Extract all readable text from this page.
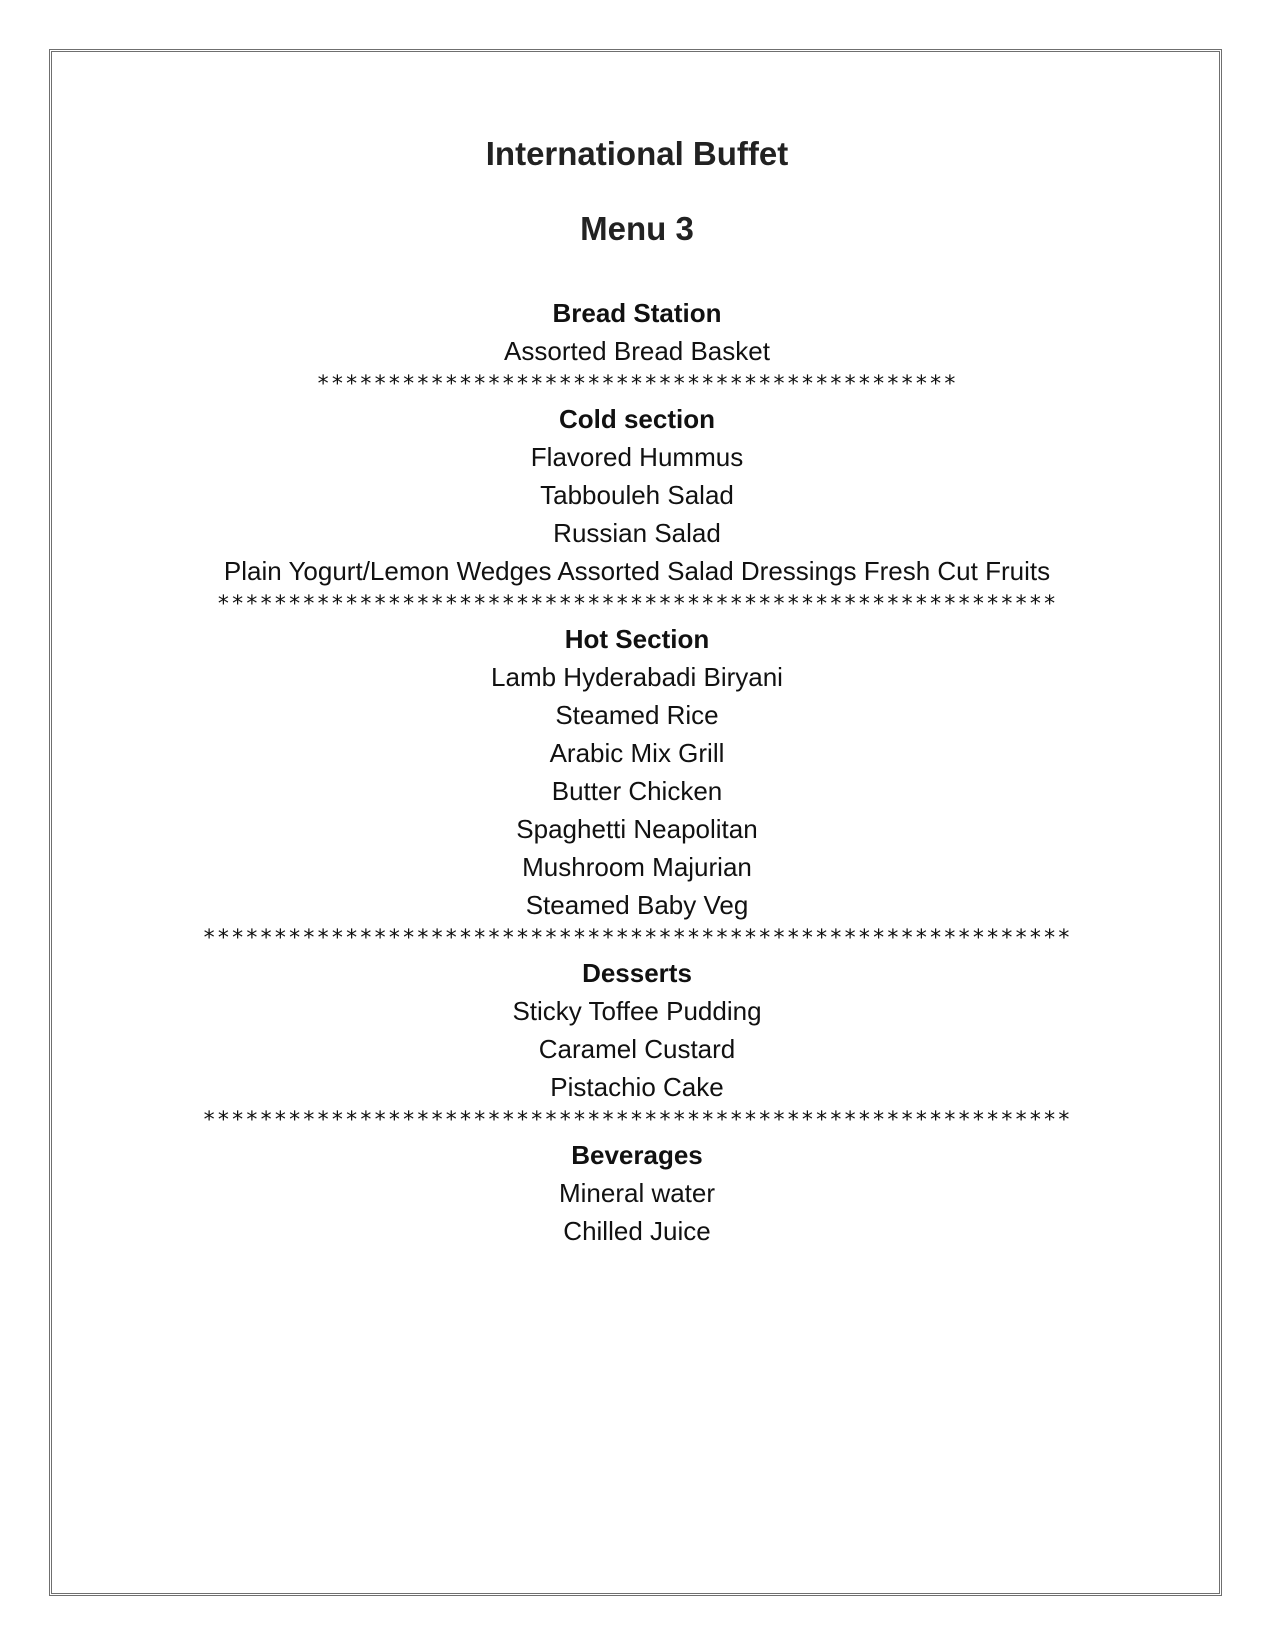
International Buffet
Menu 3

Bread Station

Assorted Bread Basket

*********************************************

Cold section

Flavored Hummus

Tabbouleh Salad

Russian Salad

Plain Yogurt/Lemon Wedges Assorted Salad Dressings Fresh Cut Fruits

***********************************************************

Hot Section

Lamb Hyderabadi Biryani

Steamed Rice

Arabic Mix Grill

Butter Chicken

Spaghetti Neapolitan

Mushroom Majurian

Steamed Baby Veg

*************************************************************

Desserts

Sticky Toffee Pudding

Caramel Custard

Pistachio Cake

*************************************************************

Beverages

Mineral water

Chilled Juice
